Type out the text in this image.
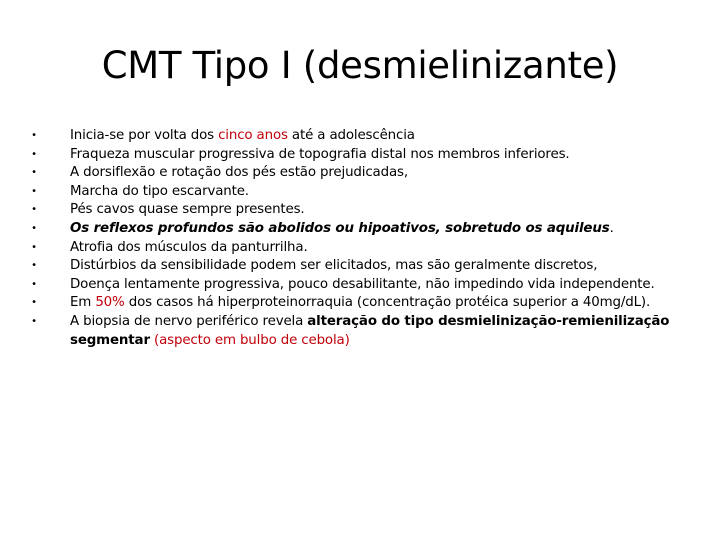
CMT Tipo I (desmielinizante)
• Inicia-se por volta dos cinco anos até a adolescência
• Fraqueza muscular progressiva de topografia distal nos membros inferiores.
• A dorsiflexão e rotação dos pés estão prejudicadas,
• Marcha do tipo escarvante.
• Pés cavos quase sempre presentes.
• Os reflexos profundos são abolidos ou hipoativos, sobretudo os aquileus.
• Atrofia dos músculos da panturrilha.
• Distúrbios da sensibilidade podem ser elicitados, mas são geralmente discretos,
• Doença lentamente progressiva, pouco desabilitante, não impedindo vida independente.
• Em 50% dos casos há hiperproteinorraquia (concentração protéica superior a 40mg/dL).
• A biopsia de nervo periférico revela alteração do tipo desmielinização-remienilização segmentar (aspecto em bulbo de cebola)
